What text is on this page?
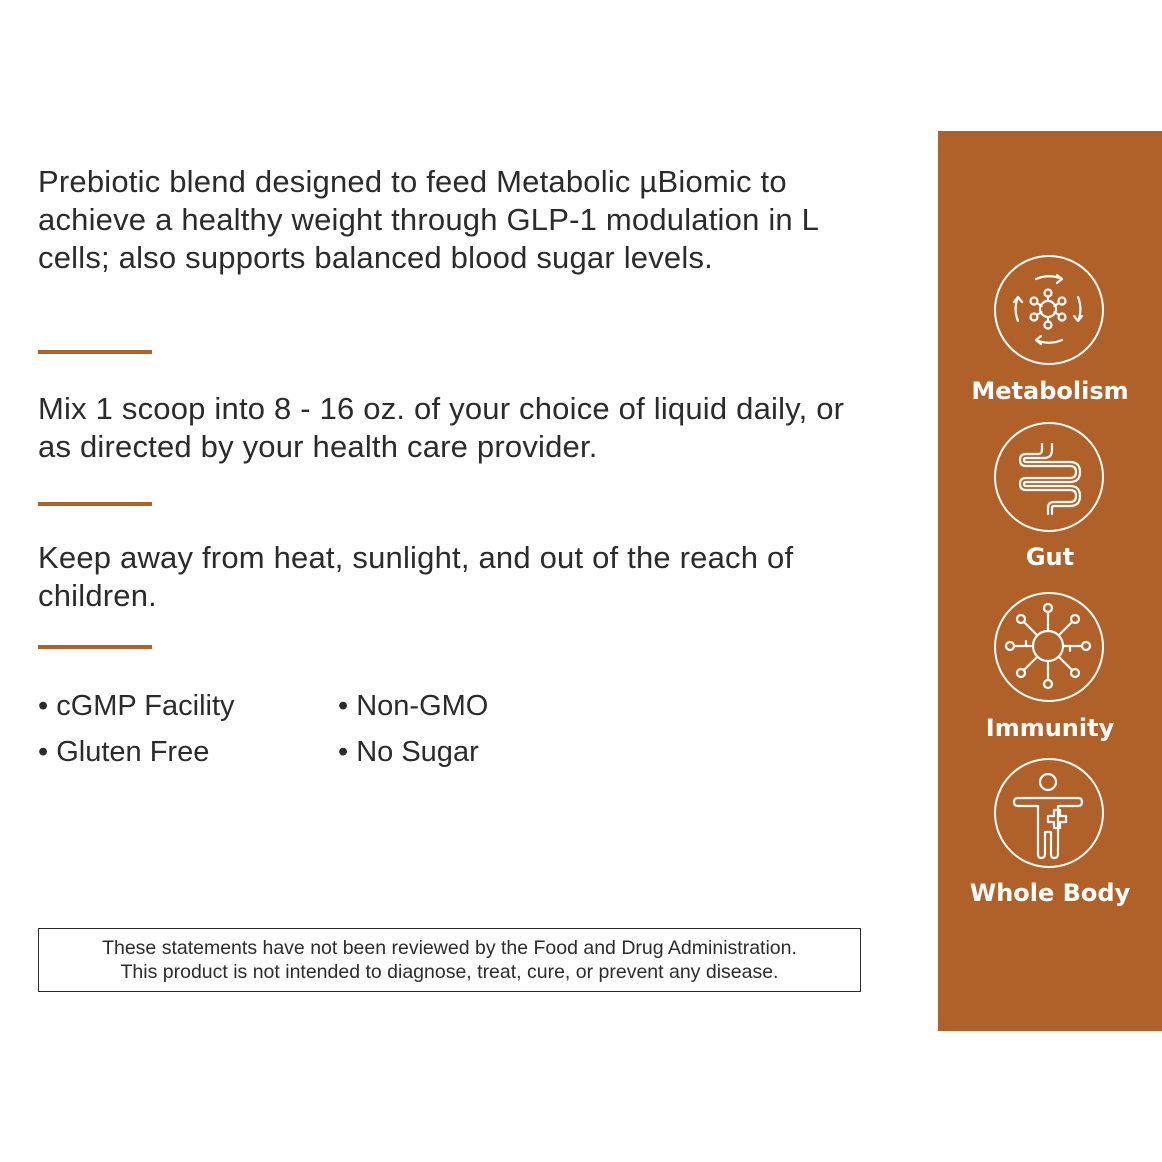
Prebiotic blend designed to feed Metabolic µBiomic to achieve a healthy weight through GLP-1 modulation in L cells; also supports balanced blood sugar levels.

Mix 1 scoop into 8 - 16 oz. of your choice of liquid daily, or as directed by your health care provider.

Keep away from heat, sunlight, and out of the reach of children.

• cGMP Facility	• Non-GMO
• Gluten Free	• No Sugar
These statements have not been reviewed by the Food and Drug Administration.
This product is not intended to diagnose, treat, cure, or prevent any disease.
Metabolism
Gut
Immunity
Whole Body
